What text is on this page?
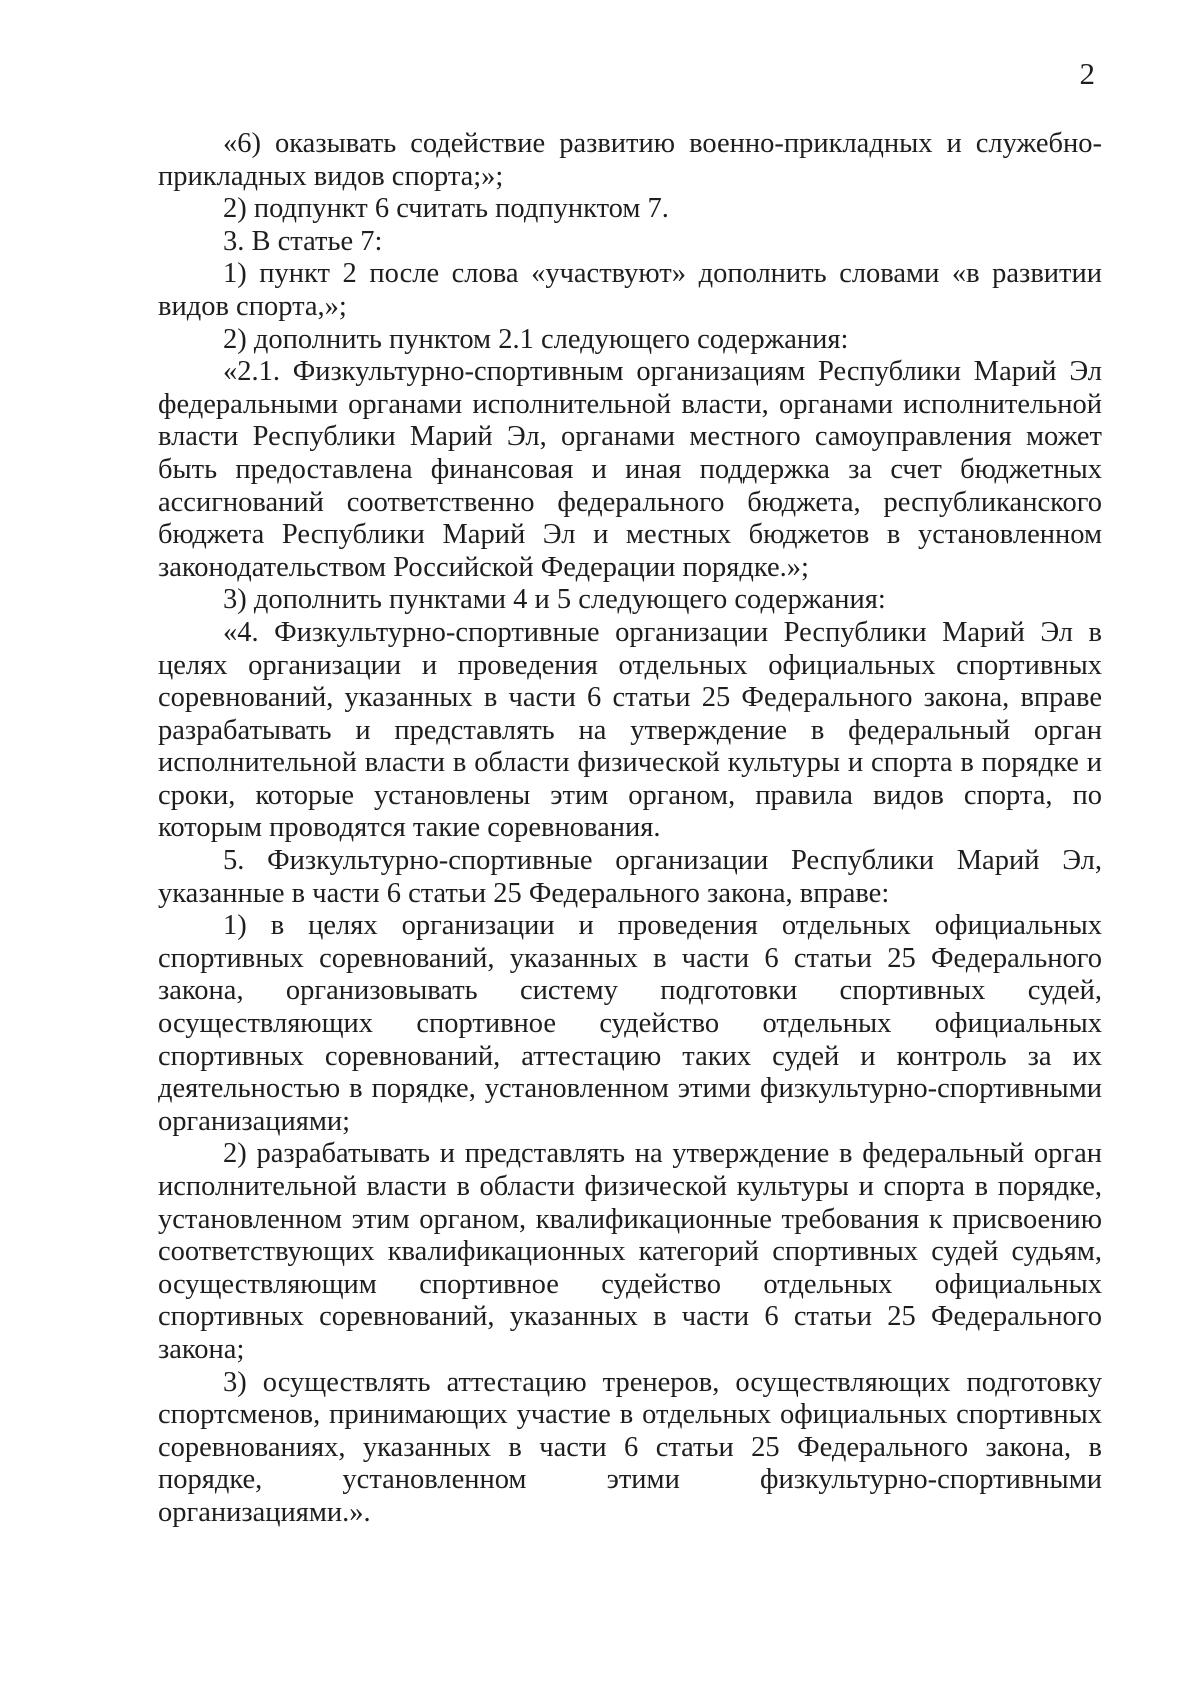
2

«6) оказывать содействие развитию военно-прикладных и служебно-прикладных видов спорта;»;

2) подпункт 6 считать подпунктом 7.

3. В статье 7:

1) пункт 2 после слова «участвуют» дополнить словами «в развитии видов спорта,»;

2) дополнить пунктом 2.1 следующего содержания:

«2.1. Физкультурно-спортивным организациям Республики Марий Эл федеральными органами исполнительной власти, органами исполнительной власти Республики Марий Эл, органами местного самоуправления может быть предоставлена финансовая и иная поддержка за счет бюджетных ассигнований соответственно федерального бюджета, республиканского бюджета Республики Марий Эл и местных бюджетов в установленном законодательством Российской Федерации порядке.»;

3) дополнить пунктами 4 и 5 следующего содержания:

«4. Физкультурно-спортивные организации Республики Марий Эл в целях организации и проведения отдельных официальных спортивных соревнований, указанных в части 6 статьи 25 Федерального закона, вправе разрабатывать и представлять на утверждение в федеральный орган исполнительной власти в области физической культуры и спорта в порядке и сроки, которые установлены этим органом, правила видов спорта, по которым проводятся такие соревнования.

5. Физкультурно-спортивные организации Республики Марий Эл, указанные в части 6 статьи 25 Федерального закона, вправе:

1) в целях организации и проведения отдельных официальных спортивных соревнований, указанных в части 6 статьи 25 Федерального закона, организовывать систему подготовки спортивных судей, осуществляющих спортивное судейство отдельных официальных спортивных соревнований, аттестацию таких судей и контроль за их деятельностью в порядке, установленном этими физкультурно-спортивными организациями;

2) разрабатывать и представлять на утверждение в федеральный орган исполнительной власти в области физической культуры и спорта в порядке, установленном этим органом, квалификационные требования к присвоению соответствующих квалификационных категорий спортивных судей судьям, осуществляющим спортивное судейство отдельных официальных спортивных соревнований, указанных в части 6 статьи 25 Федерального закона;

3) осуществлять аттестацию тренеров, осуществляющих подготовку спортсменов, принимающих участие в отдельных официальных спортивных соревнованиях, указанных в части 6 статьи 25 Федерального закона, в порядке, установленном этими физкультурно-спортивными организациями.».
